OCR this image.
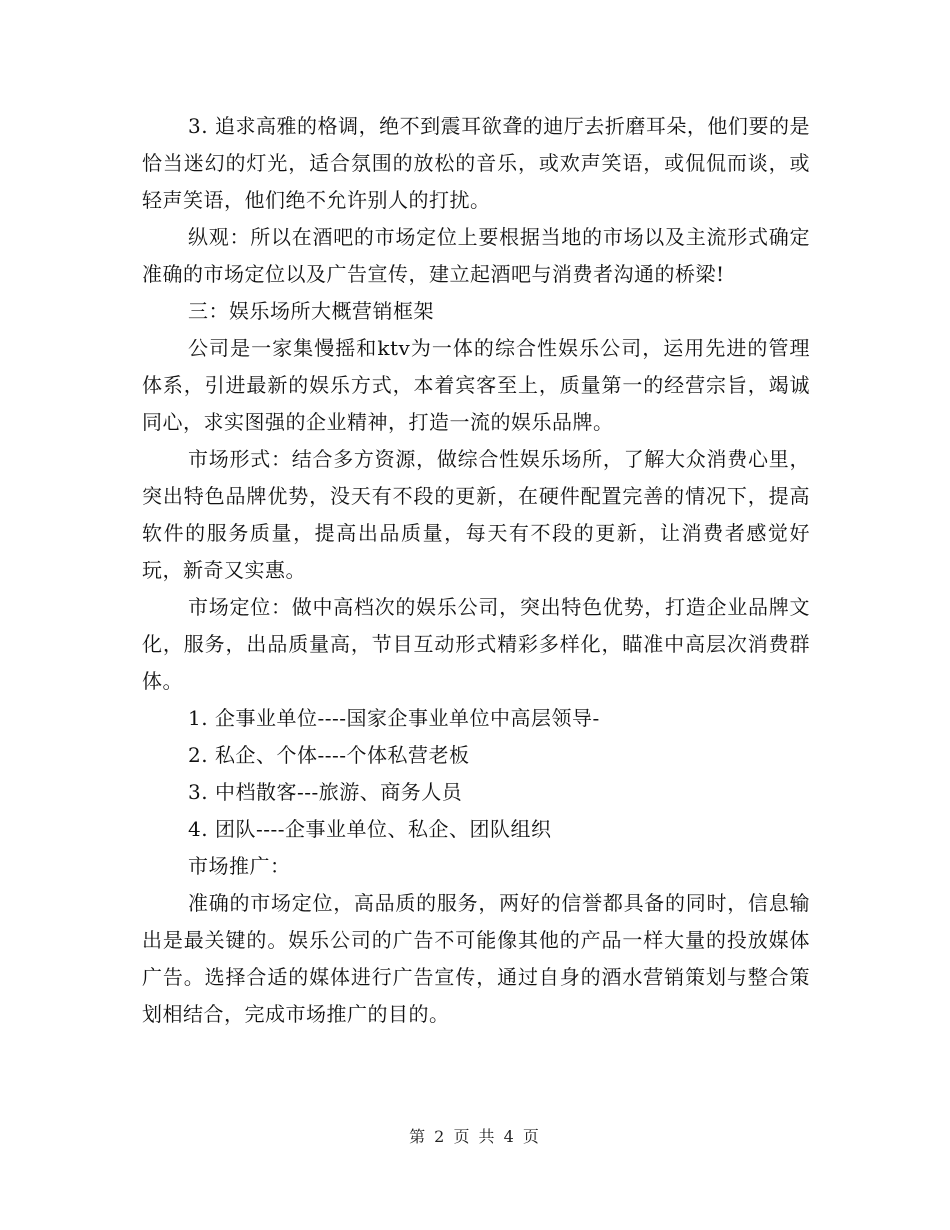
3. 追求高雅的格调，绝不到震耳欲聋的迪厅去折磨耳朵，他们要的是恰当迷幻的灯光，适合氛围的放松的音乐，或欢声笑语，或侃侃而谈，或轻声笑语，他们绝不允许别人的打扰。

纵观：所以在酒吧的市场定位上要根据当地的市场以及主流形式确定准确的市场定位以及广告宣传，建立起酒吧与消费者沟通的桥梁!

三：娱乐场所大概营销框架

公司是一家集慢摇和ktv为一体的综合性娱乐公司，运用先进的管理体系，引进最新的娱乐方式，本着宾客至上，质量第一的经营宗旨，竭诚同心，求实图强的企业精神，打造一流的娱乐品牌。

市场形式：结合多方资源，做综合性娱乐场所，了解大众消费心里，突出特色品牌优势，没天有不段的更新，在硬件配置完善的情况下，提高软件的服务质量，提高出品质量，每天有不段的更新，让消费者感觉好玩，新奇又实惠。

市场定位：做中高档次的娱乐公司，突出特色优势，打造企业品牌文化，服务，出品质量高，节目互动形式精彩多样化，瞄准中高层次消费群体。

1. 企事业单位----国家企事业单位中高层领导-

2. 私企、个体----个体私营老板

3. 中档散客---旅游、商务人员

4. 团队----企事业单位、私企、团队组织

市场推广：

准确的市场定位，高品质的服务，两好的信誉都具备的同时，信息输出是最关键的。娱乐公司的广告不可能像其他的产品一样大量的投放媒体广告。选择合适的媒体进行广告宣传，通过自身的酒水营销策划与整合策划相结合，完成市场推广的目的。

第 2 页 共 4 页
